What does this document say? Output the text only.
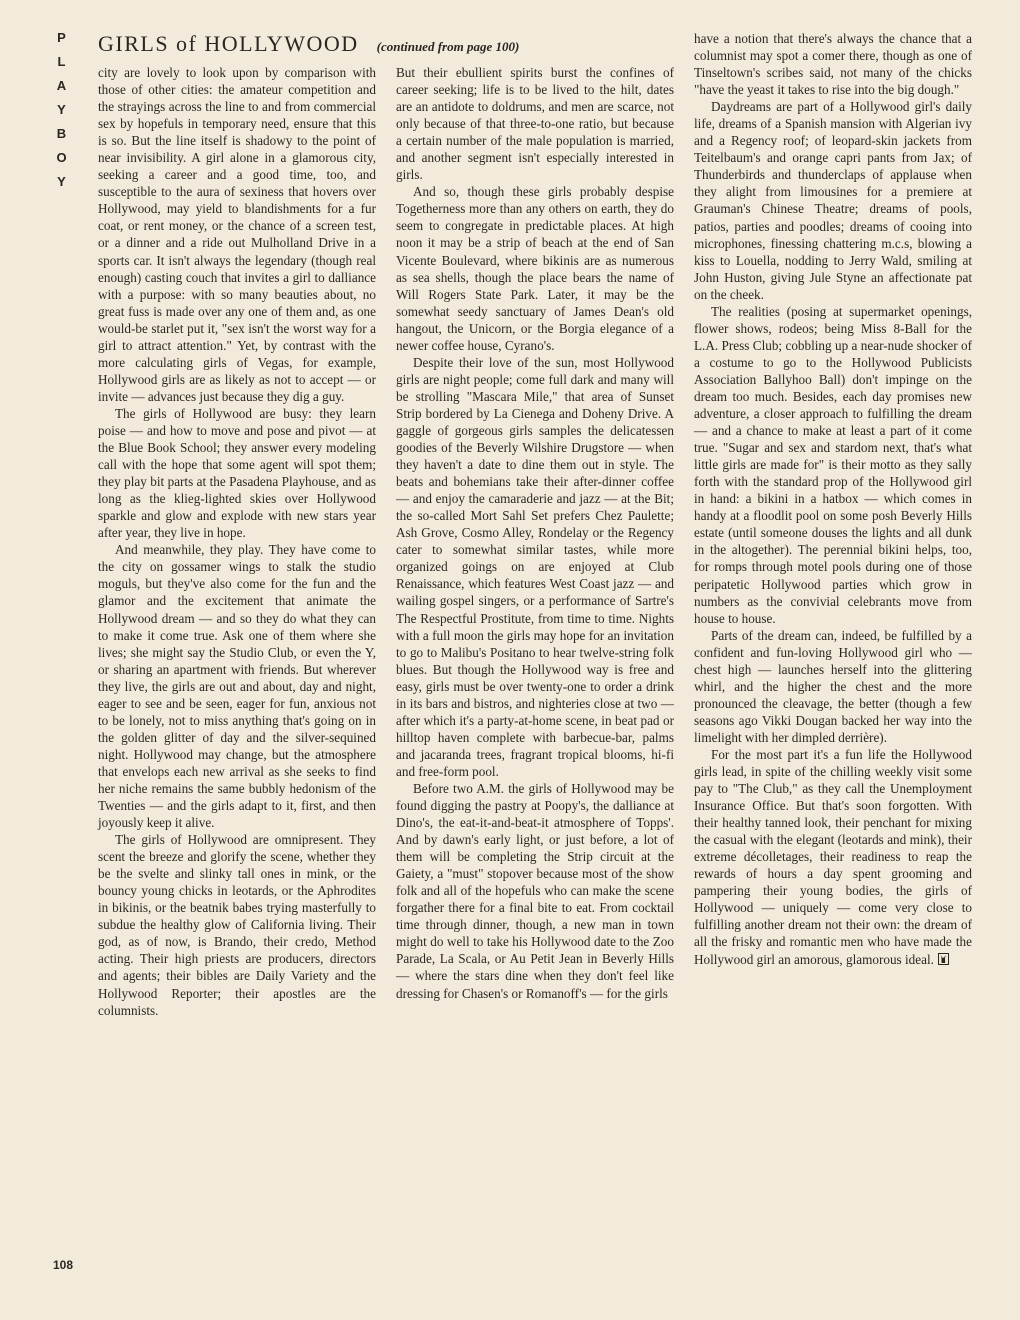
P
L
A
Y
B
O
Y
GIRLS of HOLLYWOOD (continued from page 100)

city are lovely to look upon by comparison with those of other cities: the amateur competition and the strayings across the line to and from commercial sex by hopefuls in temporary need, ensure that this is so. But the line itself is shadowy to the point of near invisibility. A girl alone in a glamorous city, seeking a career and a good time, too, and susceptible to the aura of sexiness that hovers over Hollywood, may yield to blandishments for a fur coat, or rent money, or the chance of a screen test, or a dinner and a ride out Mulholland Drive in a sports car. It isn't always the legendary (though real enough) casting couch that invites a girl to dalliance with a purpose: with so many beauties about, no great fuss is made over any one of them and, as one would-be starlet put it, "sex isn't the worst way for a girl to attract attention." Yet, by contrast with the more calculating girls of Vegas, for example, Hollywood girls are as likely as not to accept — or invite — advances just because they dig a guy.

The girls of Hollywood are busy: they learn poise — and how to move and pose and pivot — at the Blue Book School; they answer every modeling call with the hope that some agent will spot them; they play bit parts at the Pasadena Playhouse, and as long as the klieg-lighted skies over Hollywood sparkle and glow and explode with new stars year after year, they live in hope.

And meanwhile, they play. They have come to the city on gossamer wings to stalk the studio moguls, but they've also come for the fun and the glamor and the excitement that animate the Hollywood dream — and so they do what they can to make it come true. Ask one of them where she lives; she might say the Studio Club, or even the Y, or sharing an apartment with friends. But wherever they live, the girls are out and about, day and night, eager to see and be seen, eager for fun, anxious not to be lonely, not to miss anything that's going on in the golden glitter of day and the silver-sequined night. Hollywood may change, but the atmosphere that envelops each new arrival as she seeks to find her niche remains the same bubbly hedonism of the Twenties — and the girls adapt to it, first, and then joyously keep it alive.

The girls of Hollywood are omnipresent. They scent the breeze and glorify the scene, whether they be the svelte and slinky tall ones in mink, or the bouncy young chicks in leotards, or the Aphrodites in bikinis, or the beatnik babes trying masterfully to subdue the healthy glow of California living. Their god, as of now, is Brando, their credo, Method acting. Their high priests are producers, directors and agents; their bibles are Daily Variety and the Hollywood Reporter; their apostles are the columnists.

But their ebullient spirits burst the confines of career seeking; life is to be lived to the hilt, dates are an antidote to doldrums, and men are scarce, not only because of that three-to-one ratio, but because a certain number of the male population is married, and another segment isn't especially interested in girls.

And so, though these girls probably despise Togetherness more than any others on earth, they do seem to congregate in predictable places. At high noon it may be a strip of beach at the end of San Vicente Boulevard, where bikinis are as numerous as sea shells, though the place bears the name of Will Rogers State Park. Later, it may be the somewhat seedy sanctuary of James Dean's old hangout, the Unicorn, or the Borgia elegance of a newer coffee house, Cyrano's.

Despite their love of the sun, most Hollywood girls are night people; come full dark and many will be strolling "Mascara Mile," that area of Sunset Strip bordered by La Cienega and Doheny Drive. A gaggle of gorgeous girls samples the delicatessen goodies of the Beverly Wilshire Drugstore — when they haven't a date to dine them out in style. The beats and bohemians take their after-dinner coffee — and enjoy the camaraderie and jazz — at the Bit; the so-called Mort Sahl Set prefers Chez Paulette; Ash Grove, Cosmo Alley, Rondelay or the Regency cater to somewhat similar tastes, while more organized goings on are enjoyed at Club Renaissance, which features West Coast jazz — and wailing gospel singers, or a performance of Sartre's The Respectful Prostitute, from time to time. Nights with a full moon the girls may hope for an invitation to go to Malibu's Positano to hear twelve-string folk blues. But though the Hollywood way is free and easy, girls must be over twenty-one to order a drink in its bars and bistros, and nighteries close at two — after which it's a party-at-home scene, in beat pad or hilltop haven complete with barbecue-bar, palms and jacaranda trees, fragrant tropical blooms, hi-fi and free-form pool.

Before two A.M. the girls of Hollywood may be found digging the pastry at Poopy's, the dalliance at Dino's, the eat-it-and-beat-it atmosphere of Topps'. And by dawn's early light, or just before, a lot of them will be completing the Strip circuit at the Gaiety, a "must" stopover because most of the show folk and all of the hopefuls who can make the scene forgather there for a final bite to eat. From cocktail time through dinner, though, a new man in town might do well to take his Hollywood date to the Zoo Parade, La Scala, or Au Petit Jean in Beverly Hills — where the stars dine when they don't feel like dressing for Chasen's or Romanoff's — for the girls

have a notion that there's always the chance that a columnist may spot a comer there, though as one of Tinseltown's scribes said, not many of the chicks "have the yeast it takes to rise into the big dough."

Daydreams are part of a Hollywood girl's daily life, dreams of a Spanish mansion with Algerian ivy and a Regency roof; of leopard-skin jackets from Teitelbaum's and orange capri pants from Jax; of Thunderbirds and thunderclaps of applause when they alight from limousines for a premiere at Grauman's Chinese Theatre; dreams of pools, patios, parties and poodles; dreams of cooing into microphones, finessing chattering m.c.s, blowing a kiss to Louella, nodding to Jerry Wald, smiling at John Huston, giving Jule Styne an affectionate pat on the cheek.

The realities (posing at supermarket openings, flower shows, rodeos; being Miss 8-Ball for the L.A. Press Club; cobbling up a near-nude shocker of a costume to go to the Hollywood Publicists Association Ballyhoo Ball) don't impinge on the dream too much. Besides, each day promises new adventure, a closer approach to fulfilling the dream — and a chance to make at least a part of it come true. "Sugar and sex and stardom next, that's what little girls are made for" is their motto as they sally forth with the standard prop of the Hollywood girl in hand: a bikini in a hatbox — which comes in handy at a floodlit pool on some posh Beverly Hills estate (until someone douses the lights and all dunk in the altogether). The perennial bikini helps, too, for romps through motel pools during one of those peripatetic Hollywood parties which grow in numbers as the convivial celebrants move from house to house.

Parts of the dream can, indeed, be fulfilled by a confident and fun-loving Hollywood girl who — chest high — launches herself into the glittering whirl, and the higher the chest and the more pronounced the cleavage, the better (though a few seasons ago Vikki Dougan backed her way into the limelight with her dimpled derrière).

For the most part it's a fun life the Hollywood girls lead, in spite of the chilling weekly visit some pay to "The Club," as they call the Unemployment Insurance Office. But that's soon forgotten. With their healthy tanned look, their penchant for mixing the casual with the elegant (leotards and mink), their extreme décolletages, their readiness to reap the rewards of hours a day spent grooming and pampering their young bodies, the girls of Hollywood — uniquely — come very close to fulfilling another dream not their own: the dream of all the frisky and romantic men who have made the Hollywood girl an amorous, glamorous ideal.

108
